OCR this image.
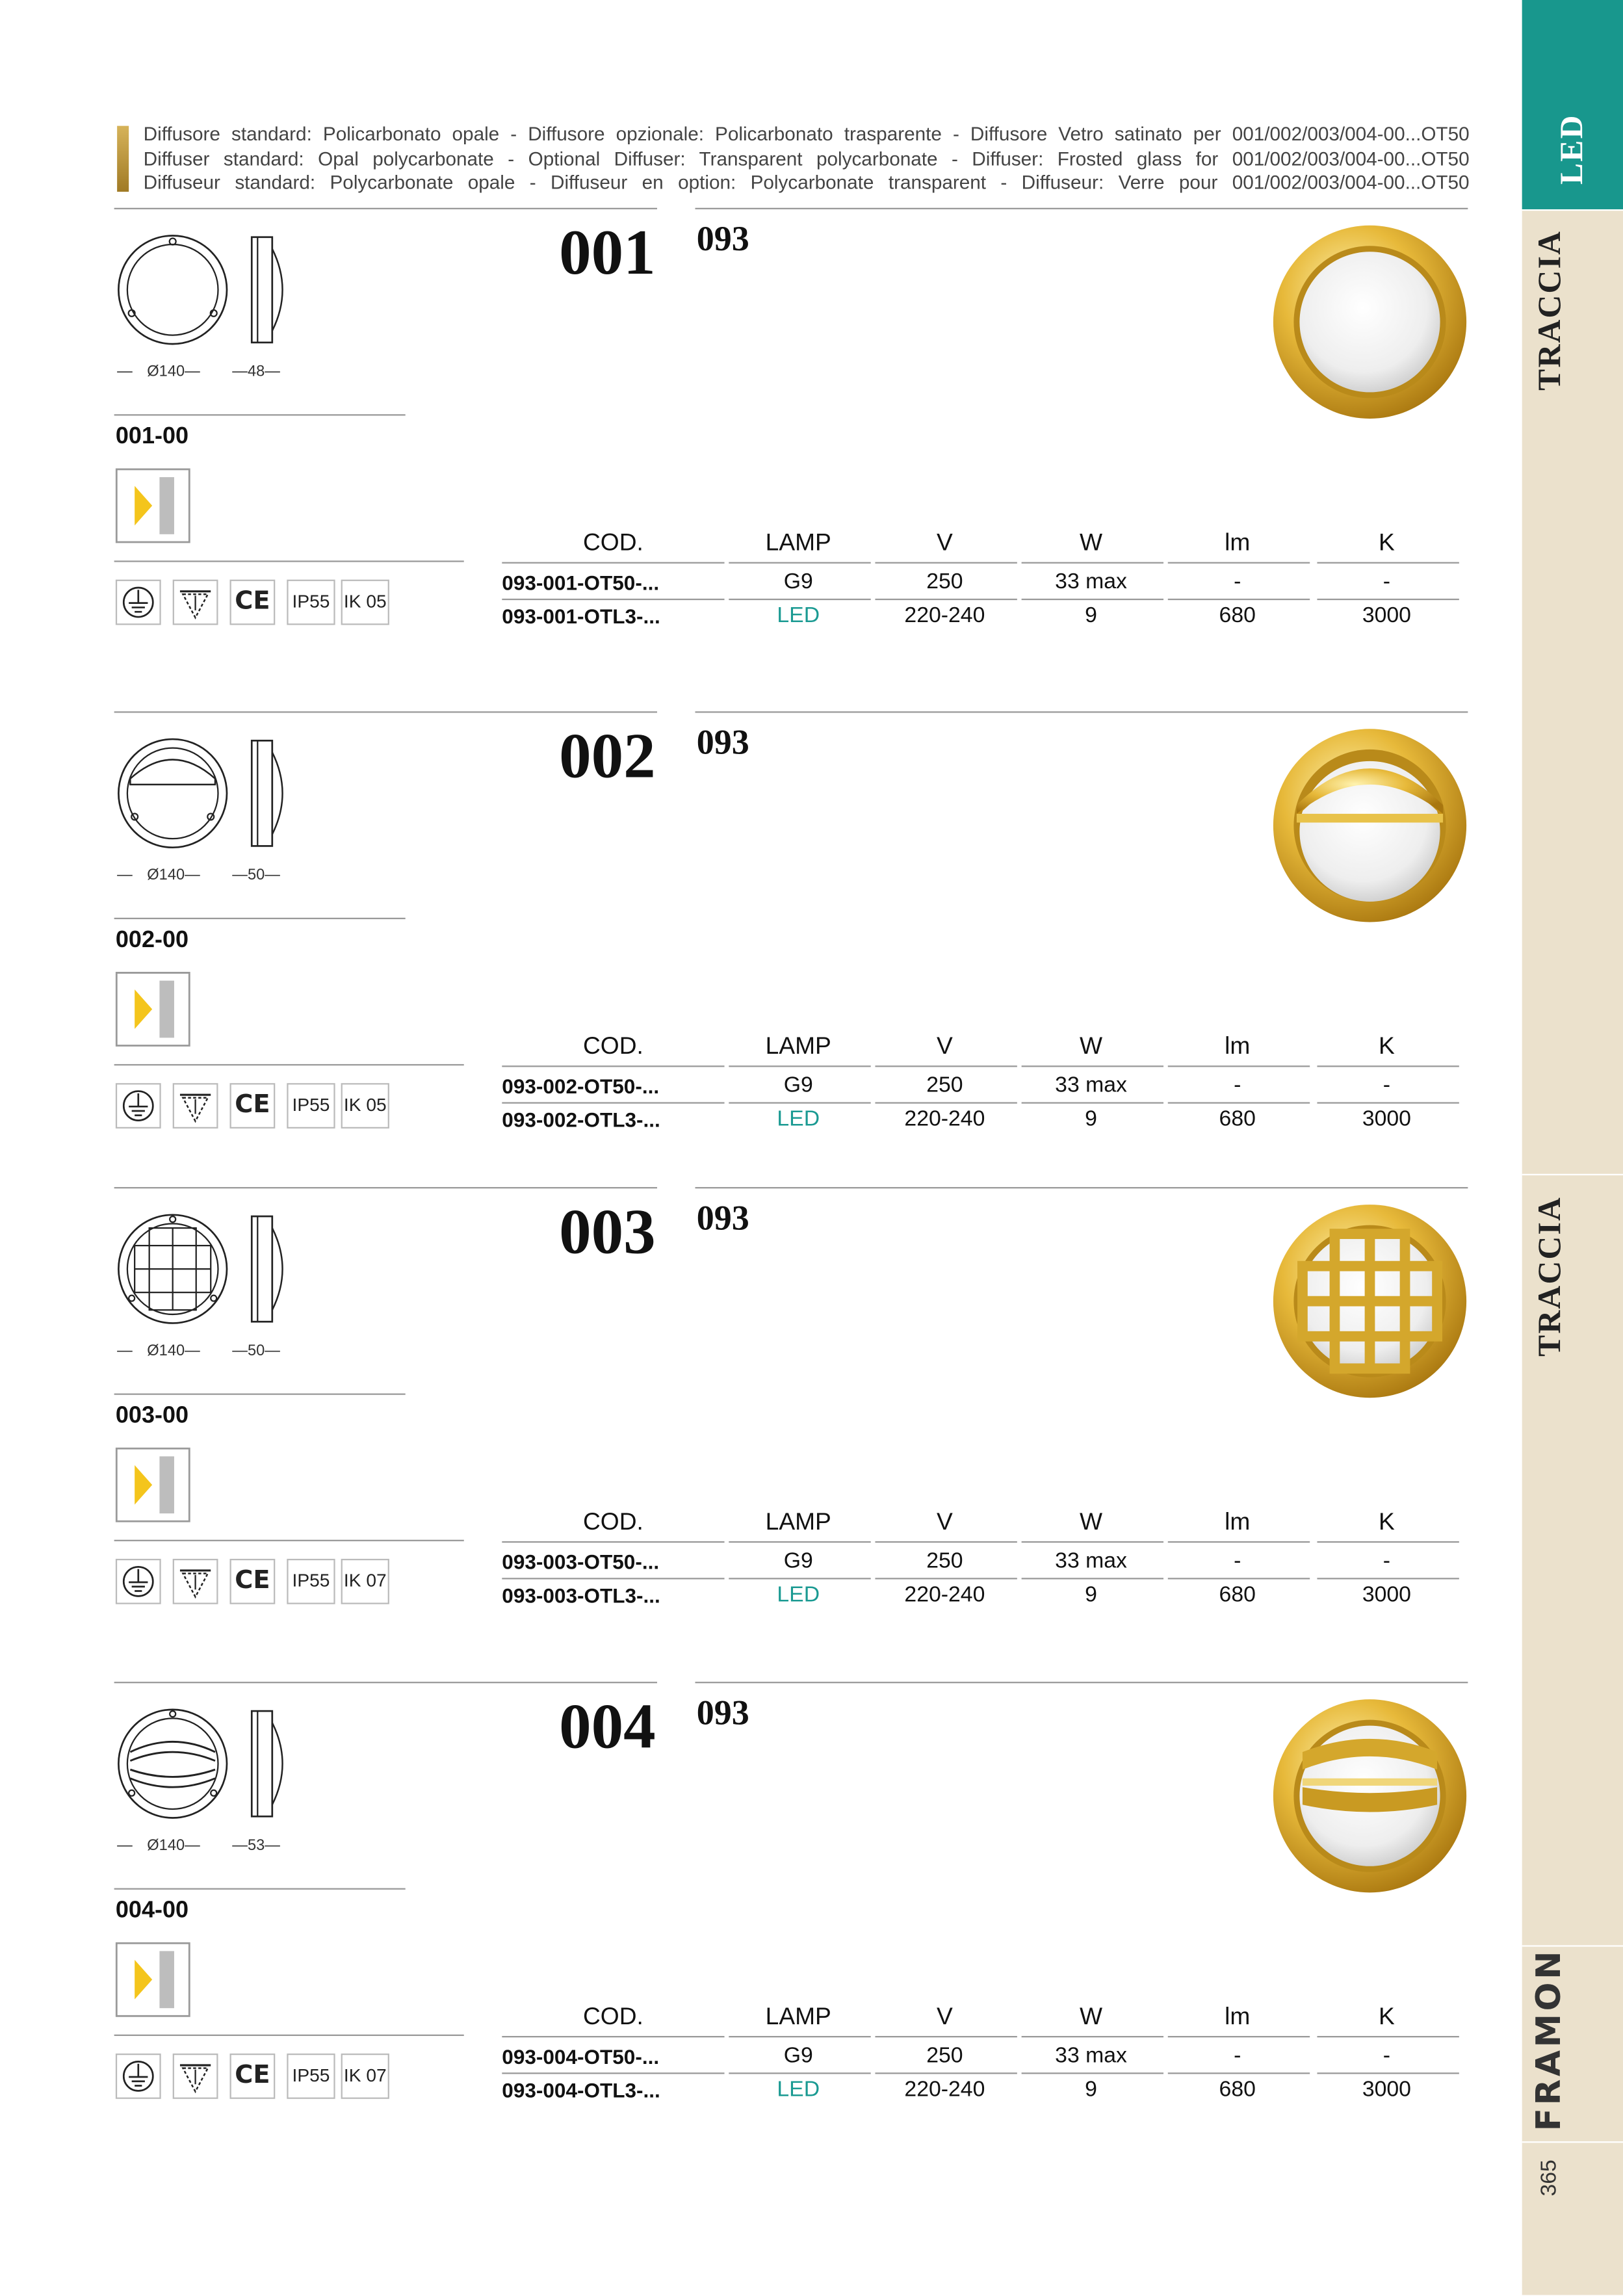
Diffusore standard: Policarbonato opale - Diffusore opzionale: Policarbonato trasparente - Diffusore Vetro satinato per 001/002/003/004-00...OT50
Diffuser standard: Opal polycarbonate - Optional Diffuser: Transparent polycarbonate - Diffuser: Frosted glass for 001/002/003/004-00...OT50
Diffuseur standard: Polycarbonate opale - Diffuseur en option: Polycarbonate transparent - Diffuseur: Verre pour 001/002/003/004-00...OT50	LED
TRACCIA
TRACCIA
FRAMON
365
001	093
—Ø140—	—48—
001-00
CE	IP55	IK 05
COD.	LAMP	V	W	lm	K
093-001-OT50-...	G9	250	33 max	-	-
093-001-OTL3-...	LED	220-240	9	680	3000
002	093
—Ø140—	—50—
002-00
CE	IP55	IK 05
COD.	LAMP	V	W	lm	K
093-002-OT50-...	G9	250	33 max	-	-
093-002-OTL3-...	LED	220-240	9	680	3000
003	093
—Ø140—	—50—
003-00
CE	IP55	IK 07
COD.	LAMP	V	W	lm	K
093-003-OT50-...	G9	250	33 max	-	-
093-003-OTL3-...	LED	220-240	9	680	3000
004	093
—Ø140—	—53—
004-00
CE	IP55	IK 07
COD.	LAMP	V	W	lm	K
093-004-OT50-...	G9	250	33 max	-	-
093-004-OTL3-...	LED	220-240	9	680	3000
